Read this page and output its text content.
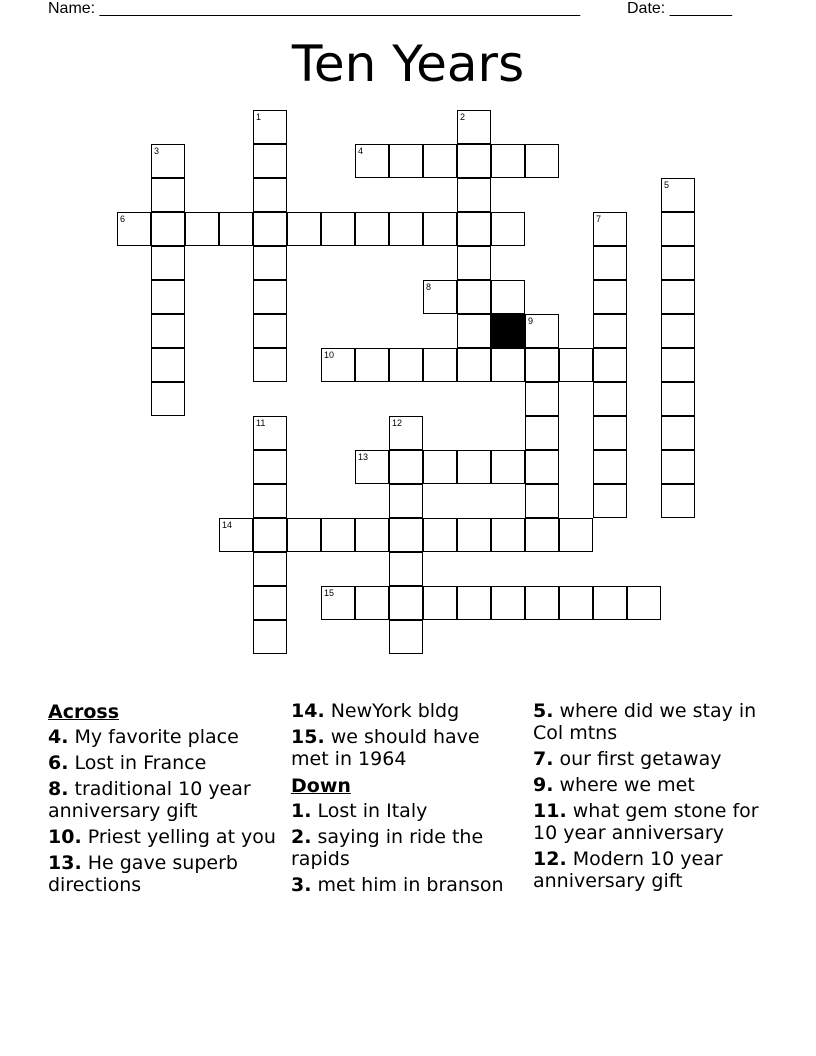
Name: ______________________________________________________	Date: _______
Ten Years
1	2
3	4
5
6	7
8
9
10
11	12
13
14
15
Across
4. My favorite place
6. Lost in France
8. traditional 10 year anniversary gift
10. Priest yelling at you
13. He gave superb directions
14. NewYork bldg
15. we should have met in 1964
Down
1. Lost in Italy
2. saying in ride the rapids
3. met him in branson
5. where did we stay in Col mtns
7. our first getaway
9. where we met
11. what gem stone for 10 year anniversary
12. Modern 10 year anniversary gift
